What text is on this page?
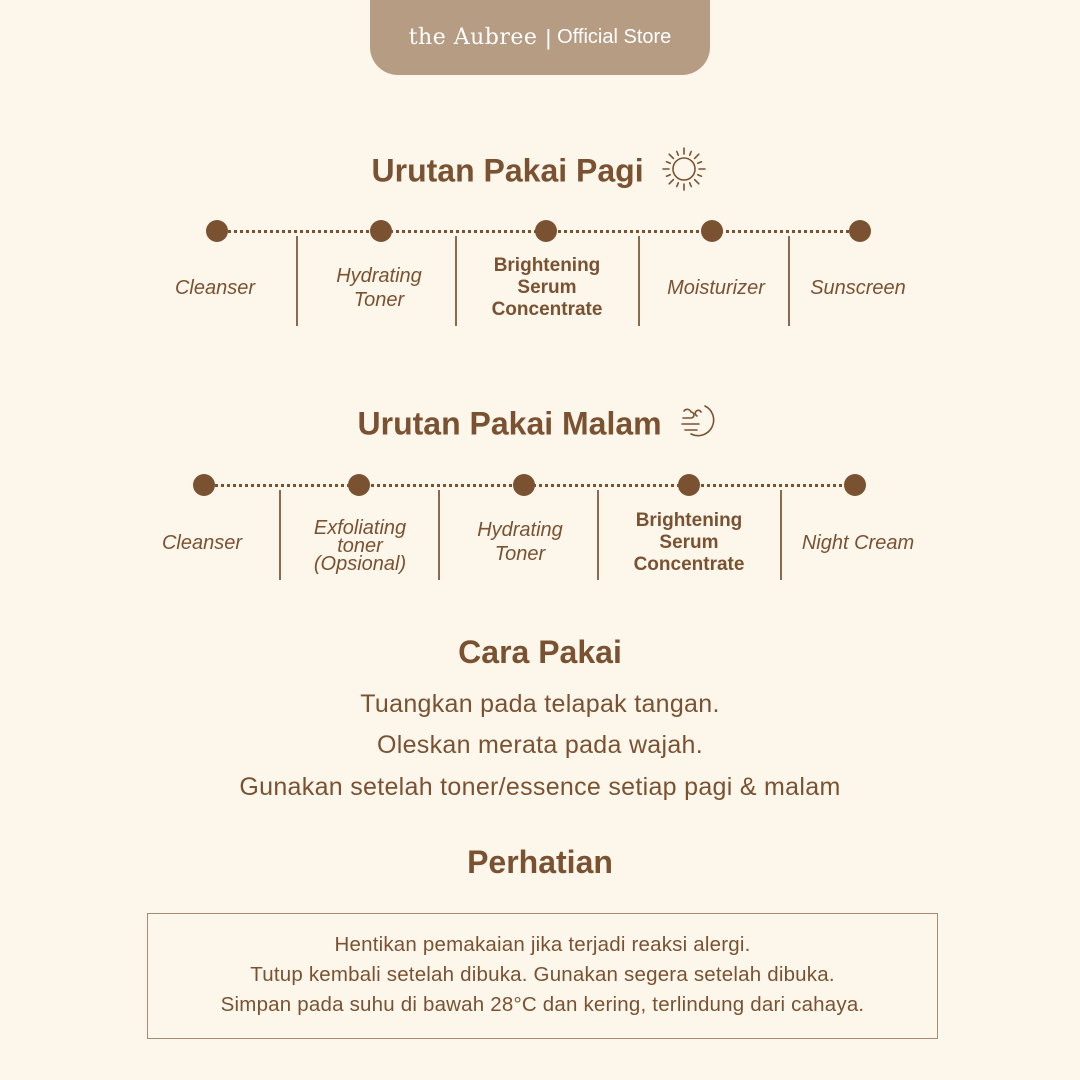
the Aubree | Official Store
Urutan Pakai Pagi
Cleanser
Hydrating
Toner
Brightening
Serum
Concentrate
Moisturizer Sunscreen
Urutan Pakai Malam
Cleanser
Exfoliating
toner
(Opsional)
Hydrating
Toner
Brightening
Serum
Concentrate
Night Cream
Cara Pakai
Tuangkan pada telapak tangan.
Oleskan merata pada wajah.
Gunakan setelah toner/essence setiap pagi & malam
Perhatian
Hentikan pemakaian jika terjadi reaksi alergi.
Tutup kembali setelah dibuka. Gunakan segera setelah dibuka.
Simpan pada suhu di bawah 28°C dan kering, terlindung dari cahaya.
